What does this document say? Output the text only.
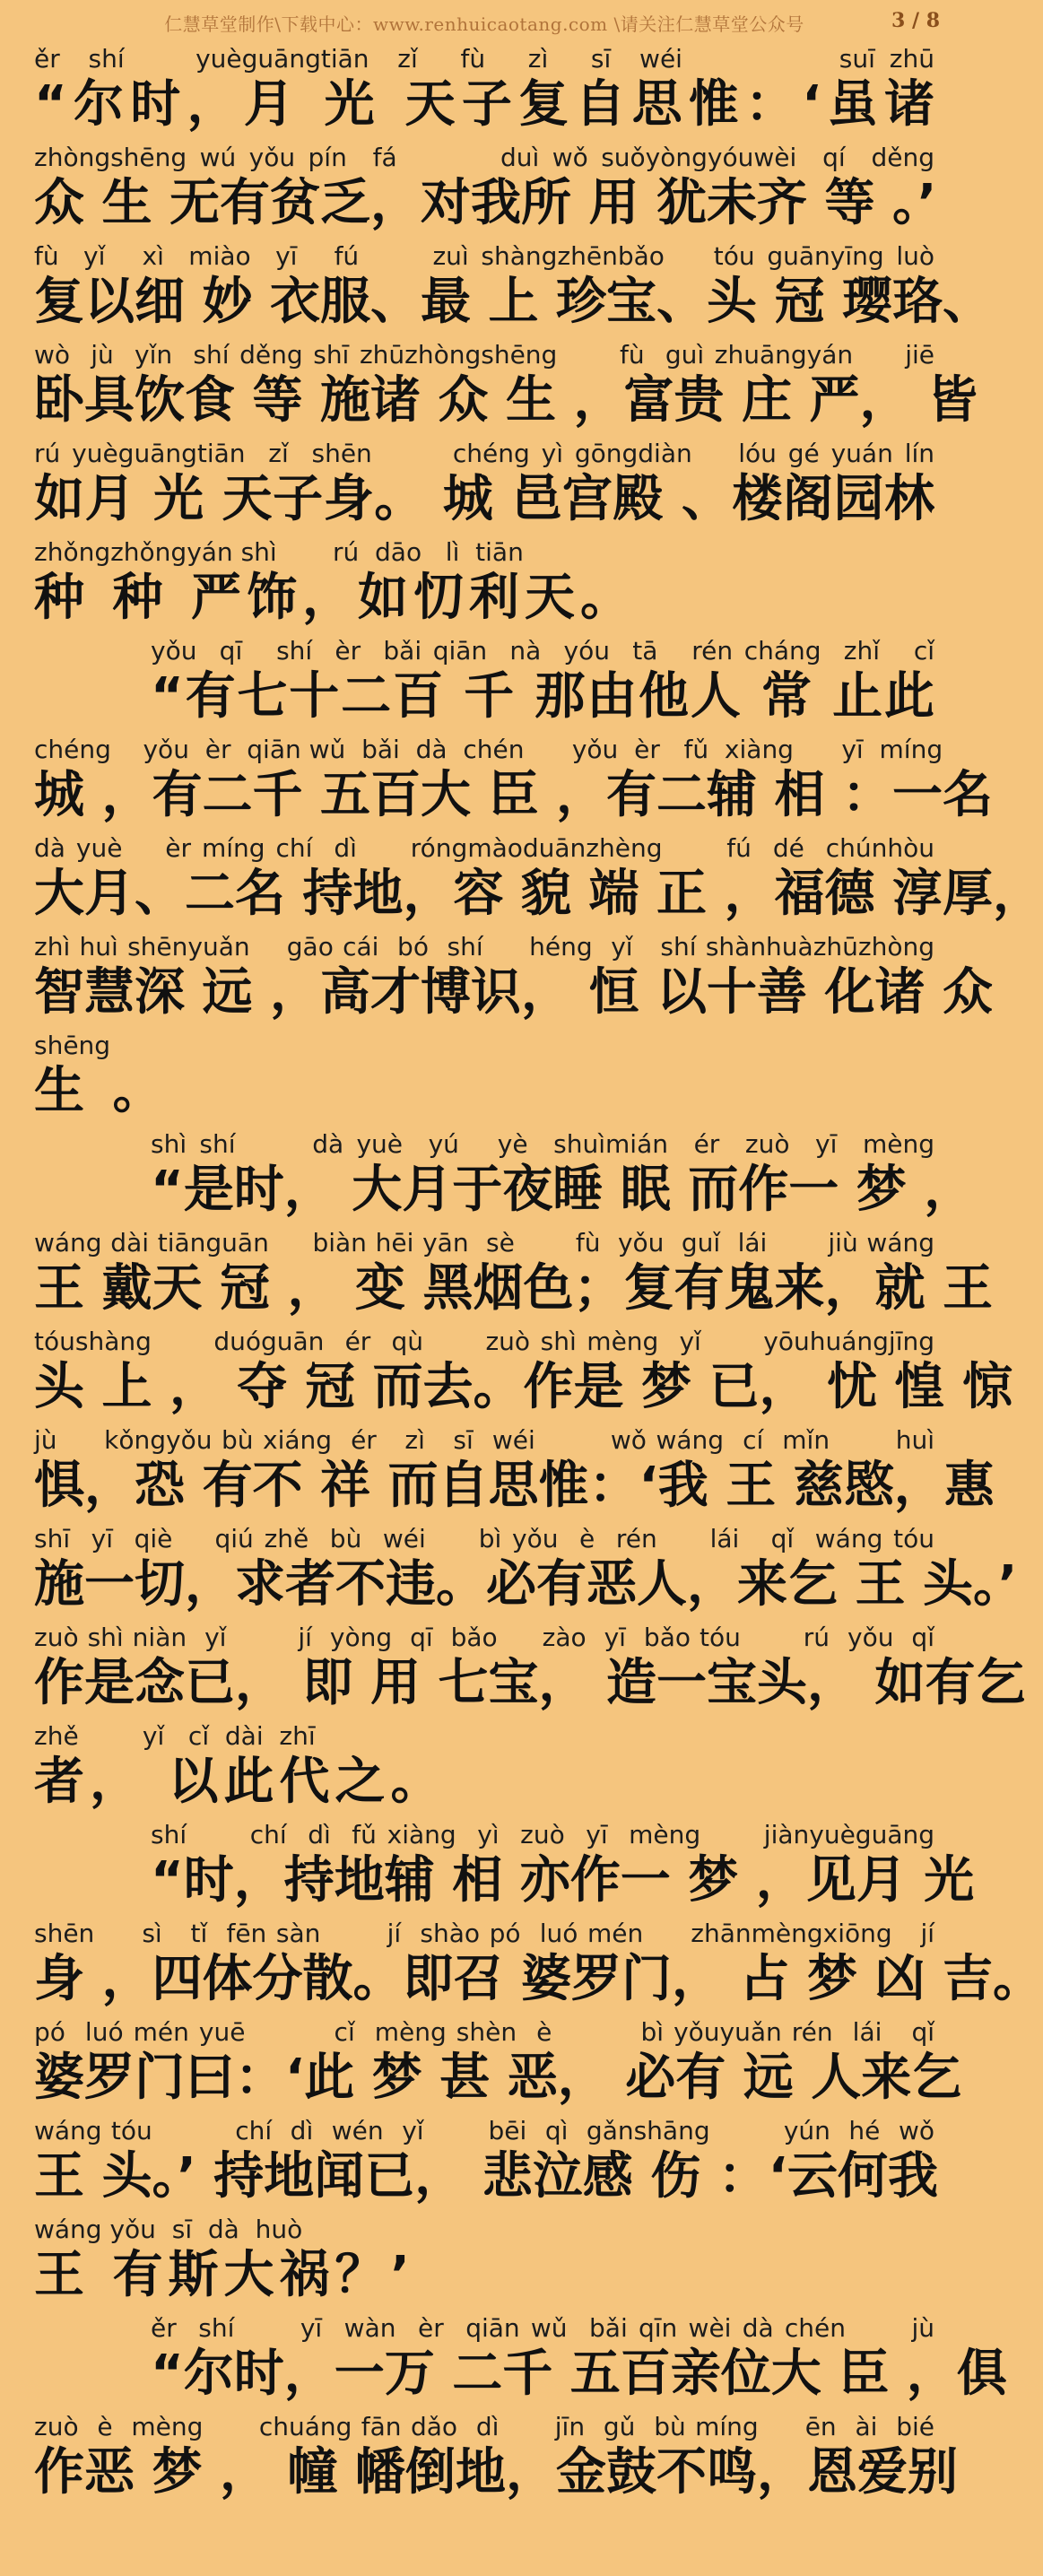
仁慧草堂制作\下载中心：www.renhuicaotang.com \请关注仁慧草堂公众号	3 / 8
ěr  shí     yuèguāngtiān  zǐ   fù   zì   sī  wéi           suī zhū
“尔时，月 光 天子复自思惟：‘虽诸
zhòngshēng wú yǒu pín  fá        duì wǒ suǒyòngyóuwèi  qí  děng
众 生 无有贫乏，对我所 用 犹未齐 等 。’
fù  yǐ   xì  miào  yī   fú      zuì shàngzhēnbǎo    tóu guānyīng luò
复以细 妙 衣服、最 上 珍宝、头 冠 璎珞、
wò  jù  yǐn  shí děng shī zhūzhòngshēng      fù  guì zhuāngyán     jiē
卧具饮食 等 施诸 众 生 ，富贵 庄 严， 皆
rú yuèguāngtiān  zǐ  shēn       chéng yì gōngdiàn    lóu gé yuán lín
如月 光 天子身。 城 邑宫殿 、楼阁园林
zhǒngzhǒngyán shì       rú  dāo   lì  tiān
种 种 严饰，如忉利天。
yǒu  qī   shí  èr  bǎi qiān  nà  yóu  tā   rén cháng  zhǐ   cǐ
“有七十二百 千 那由他人 常 止此
chéng    yǒu  èr  qiān wǔ  bǎi  dà  chén      yǒu  èr   fǔ  xiàng      yī  míng
城 ，有二千 五百大 臣 ，有二辅 相 ：一名
dà yuè    èr míng chí  dì     róngmàoduānzhèng      fú  dé  chúnhòu
大月、二名 持地，容 貌 端 正 ，福德 淳厚，
zhì huì shēnyuǎn    gāo cái  bó  shí     héng  yǐ   shí shànhuàzhūzhòng
智慧深 远 ，高才博识， 恒 以十善 化诸 众
shēng
生 。
shì shí      dà yuè  yú   yè  shuìmián  ér  zuò  yī  mèng
“是时， 大月于夜睡 眠 而作一 梦 ，
wáng dài tiānguān     biàn hēi yān  sè       fù  yǒu  guǐ  lái       jiù wáng
王 戴天 冠 ， 变 黑烟色；复有鬼来，就 王
tóushàng      duóguān  ér  qù      zuò shì mèng  yǐ      yōuhuángjīng
头 上 ， 夺 冠 而去。作是 梦 已， 忧 惶 惊
jù     kǒngyǒu bù xiáng  ér   zì   sī  wéi        wǒ wáng  cí  mǐn       huì
惧，恐 有不 祥 而自思惟：‘我 王 慈愍，惠
shī  yī  qiè    qiú zhě  bù  wéi     bì yǒu  è  rén     lái   qǐ  wáng tóu
施一切，求者不违。必有恶人，来乞 王 头。’
zuò shì niàn  yǐ        jí  yòng  qī  bǎo     zào  yī  bǎo tóu       rú  yǒu  qǐ
作是念已， 即 用 七宝， 造一宝头， 如有乞
zhě        yǐ   cǐ  dài  zhī
者， 以此代之。
shí      chí  dì  fǔ xiàng  yì  zuò  yī  mèng      jiànyuèguāng
“时，持地辅 相 亦作一 梦 ，见月 光
shēn     sì   tǐ  fēn sàn       jí  shào pó  luó mén     zhānmèngxiōng   jí
身 ，四体分散。即召 婆罗门， 占 梦 凶 吉。
pó  luó mén yuē         cǐ  mèng shèn  è         bì yǒuyuǎn rén  lái   qǐ
婆罗门曰：‘此 梦 甚 恶， 必有 远 人来乞
wáng tóu         chí  dì  wén  yǐ       bēi  qì  gǎnshāng        yún  hé  wǒ
王 头。’ 持地闻已， 悲泣感 伤 ：‘云何我
wáng yǒu  sī  dà  huò
王 有斯大祸？’
ěr  shí      yī  wàn  èr  qiān wǔ  bǎi qīn wèi dà chén      jù
“尔时，一万 二千 五百亲位大 臣 ，俱
zuò  è  mèng      chuáng fān dǎo  dì      jīn  gǔ  bù míng     ēn  ài  bié
作恶 梦 ， 幢 幡倒地，金鼓不鸣，恩爱别
